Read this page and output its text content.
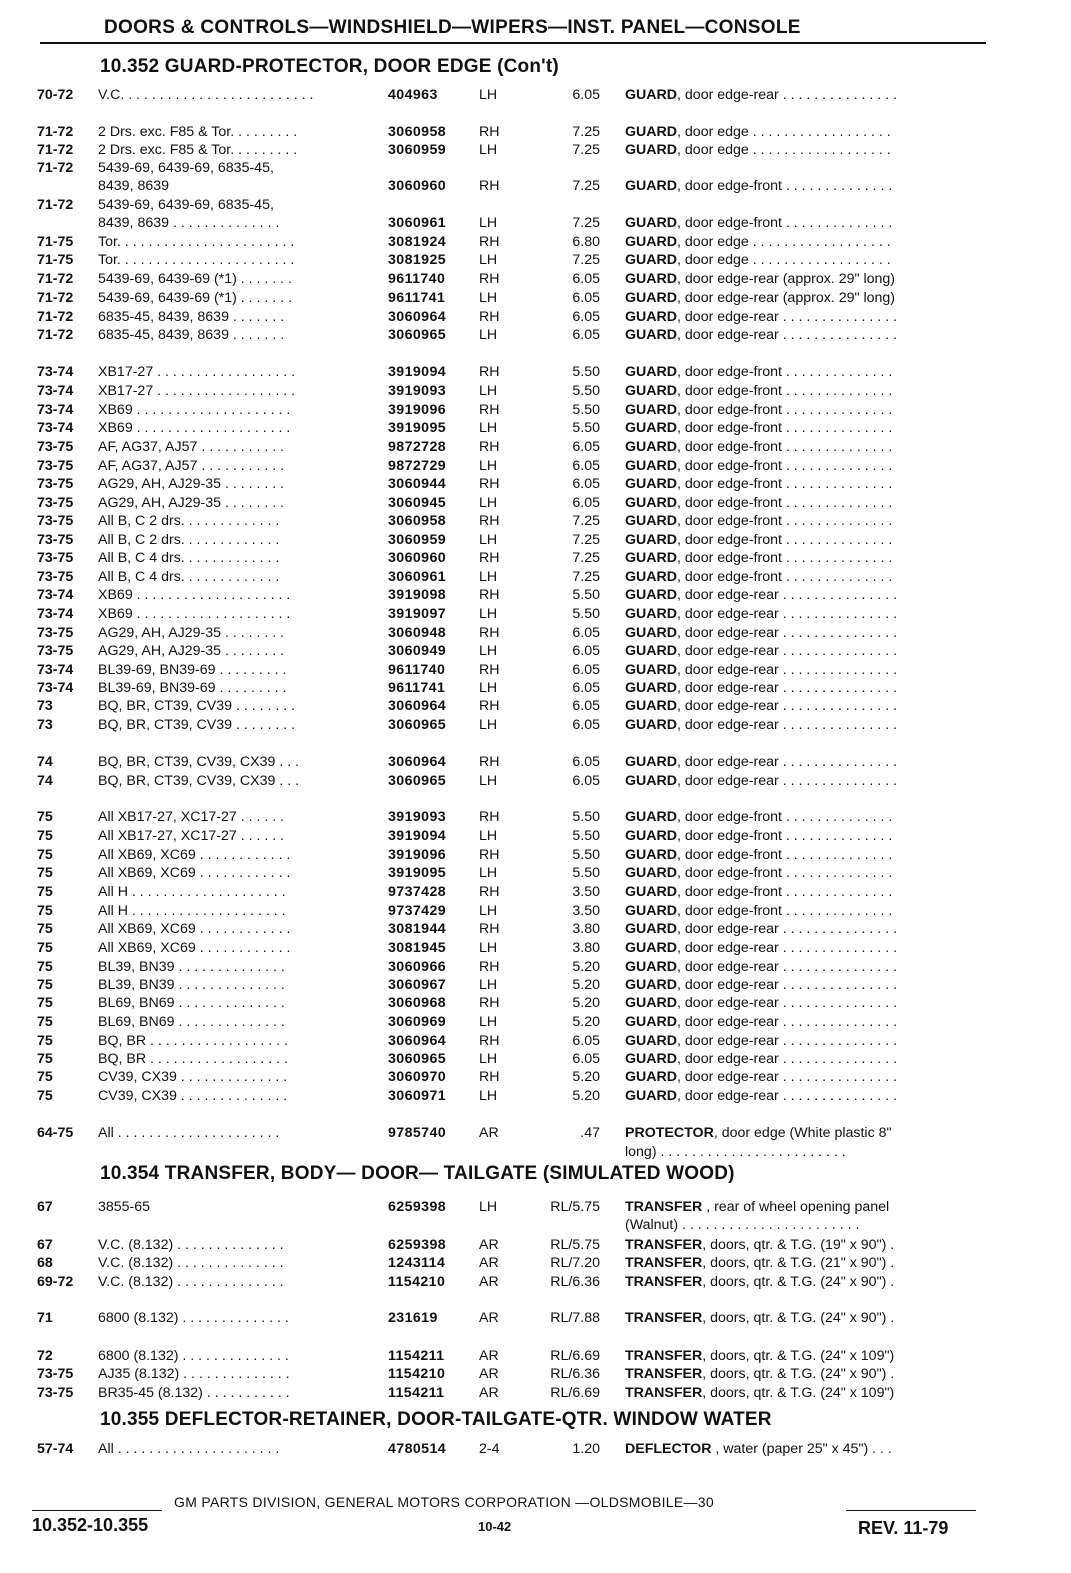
DOORS & CONTROLS—WINDSHIELD—WIPERS—INST. PANEL—CONSOLE
10.352 GUARD-PROTECTOR, DOOR EDGE (Con't)
70-72 V.C. . . . . . . . . . . . . . . . . . . . . . . . .	404963	LH	6.05 GUARD, door edge-rear . . . . . . . . . . . . . . .
71-72 2 Drs. exc. F85 & Tor. . . . . . . . .	3060958 RH	7.25 GUARD, door edge . . . . . . . . . . . . . . . . . .
71-72 2 Drs. exc. F85 & Tor. . . . . . . . .	3060959 LH	7.25 GUARD, door edge . . . . . . . . . . . . . . . . . .
71-72 5439-69, 6439-69, 6835-45,
8439, 8639	3060960 RH	7.25 GUARD, door edge-front . . . . . . . . . . . . . .
71-72 5439-69, 6439-69, 6835-45,
8439, 8639 . . . . . . . . . . . . . .	3060961 LH	7.25 GUARD, door edge-front . . . . . . . . . . . . . .
71-75 Tor. . . . . . . . . . . . . . . . . . . . . . .	3081924 RH	6.80 GUARD, door edge . . . . . . . . . . . . . . . . . .
71-75 Tor. . . . . . . . . . . . . . . . . . . . . . .	3081925 LH	7.25 GUARD, door edge . . . . . . . . . . . . . . . . . .
71-72 5439-69, 6439-69 (*1) . . . . . . .	9611740 RH	6.05 GUARD, door edge-rear (approx. 29" long)
71-72 5439-69, 6439-69 (*1) . . . . . . .	9611741 LH	6.05 GUARD, door edge-rear (approx. 29" long)
71-72 6835-45, 8439, 8639 . . . . . . .	3060964 RH	6.05 GUARD, door edge-rear . . . . . . . . . . . . . . .
71-72 6835-45, 8439, 8639 . . . . . . .	3060965 LH	6.05 GUARD, door edge-rear . . . . . . . . . . . . . . .
73-74 XB17-27 . . . . . . . . . . . . . . . . . .	3919094 RH	5.50 GUARD, door edge-front . . . . . . . . . . . . . .
73-74 XB17-27 . . . . . . . . . . . . . . . . . .	3919093 LH	5.50 GUARD, door edge-front . . . . . . . . . . . . . .
73-74 XB69 . . . . . . . . . . . . . . . . . . . .	3919096 RH	5.50 GUARD, door edge-front . . . . . . . . . . . . . .
73-74 XB69 . . . . . . . . . . . . . . . . . . . .	3919095 LH	5.50 GUARD, door edge-front . . . . . . . . . . . . . .
73-75 AF, AG37, AJ57 . . . . . . . . . . .	9872728 RH	6.05 GUARD, door edge-front . . . . . . . . . . . . . .
73-75 AF, AG37, AJ57 . . . . . . . . . . .	9872729 LH	6.05 GUARD, door edge-front . . . . . . . . . . . . . .
73-75 AG29, AH, AJ29-35 . . . . . . . .	3060944 RH	6.05 GUARD, door edge-front . . . . . . . . . . . . . .
73-75 AG29, AH, AJ29-35 . . . . . . . .	3060945 LH	6.05 GUARD, door edge-front . . . . . . . . . . . . . .
73-75 All B, C 2 drs. . . . . . . . . . . . .	3060958 RH	7.25 GUARD, door edge-front . . . . . . . . . . . . . .
73-75 All B, C 2 drs. . . . . . . . . . . . .	3060959 LH	7.25 GUARD, door edge-front . . . . . . . . . . . . . .
73-75 All B, C 4 drs. . . . . . . . . . . . .	3060960 RH	7.25 GUARD, door edge-front . . . . . . . . . . . . . .
73-75 All B, C 4 drs. . . . . . . . . . . . .	3060961 LH	7.25 GUARD, door edge-front . . . . . . . . . . . . . .
73-74 XB69 . . . . . . . . . . . . . . . . . . . .	3919098 RH	5.50 GUARD, door edge-rear . . . . . . . . . . . . . . .
73-74 XB69 . . . . . . . . . . . . . . . . . . . .	3919097 LH	5.50 GUARD, door edge-rear . . . . . . . . . . . . . . .
73-75 AG29, AH, AJ29-35 . . . . . . . .	3060948 RH	6.05 GUARD, door edge-rear . . . . . . . . . . . . . . .
73-75 AG29, AH, AJ29-35 . . . . . . . .	3060949 LH	6.05 GUARD, door edge-rear . . . . . . . . . . . . . . .
73-74 BL39-69, BN39-69 . . . . . . . . .	9611740 RH	6.05 GUARD, door edge-rear . . . . . . . . . . . . . . .
73-74 BL39-69, BN39-69 . . . . . . . . .	9611741 LH	6.05 GUARD, door edge-rear . . . . . . . . . . . . . . .
73	BQ, BR, CT39, CV39 . . . . . . . .	3060964 RH	6.05 GUARD, door edge-rear . . . . . . . . . . . . . . .
73	BQ, BR, CT39, CV39 . . . . . . . .	3060965 LH	6.05 GUARD, door edge-rear . . . . . . . . . . . . . . .
74	BQ, BR, CT39, CV39, CX39 . . .	3060964 RH	6.05 GUARD, door edge-rear . . . . . . . . . . . . . . .
74	BQ, BR, CT39, CV39, CX39 . . .	3060965 LH	6.05 GUARD, door edge-rear . . . . . . . . . . . . . . .
75	All XB17-27, XC17-27 . . . . . .	3919093 RH	5.50 GUARD, door edge-front . . . . . . . . . . . . . .
75	All XB17-27, XC17-27 . . . . . .	3919094 LH	5.50 GUARD, door edge-front . . . . . . . . . . . . . .
75	All XB69, XC69 . . . . . . . . . . . .	3919096 RH	5.50 GUARD, door edge-front . . . . . . . . . . . . . .
75	All XB69, XC69 . . . . . . . . . . . .	3919095 LH	5.50 GUARD, door edge-front . . . . . . . . . . . . . .
75	All H . . . . . . . . . . . . . . . . . . . .	9737428 RH	3.50 GUARD, door edge-front . . . . . . . . . . . . . .
75	All H . . . . . . . . . . . . . . . . . . . .	9737429 LH	3.50 GUARD, door edge-front . . . . . . . . . . . . . .
75	All XB69, XC69 . . . . . . . . . . . .	3081944 RH	3.80 GUARD, door edge-rear . . . . . . . . . . . . . . .
75	All XB69, XC69 . . . . . . . . . . . .	3081945 LH	3.80 GUARD, door edge-rear . . . . . . . . . . . . . . .
75	BL39, BN39 . . . . . . . . . . . . . .	3060966 RH	5.20 GUARD, door edge-rear . . . . . . . . . . . . . . .
75	BL39, BN39 . . . . . . . . . . . . . .	3060967 LH	5.20 GUARD, door edge-rear . . . . . . . . . . . . . . .
75	BL69, BN69 . . . . . . . . . . . . . .	3060968 RH	5.20 GUARD, door edge-rear . . . . . . . . . . . . . . .
75	BL69, BN69 . . . . . . . . . . . . . .	3060969 LH	5.20 GUARD, door edge-rear . . . . . . . . . . . . . . .
75	BQ, BR . . . . . . . . . . . . . . . . . .	3060964 RH	6.05 GUARD, door edge-rear . . . . . . . . . . . . . . .
75	BQ, BR . . . . . . . . . . . . . . . . . .	3060965 LH	6.05 GUARD, door edge-rear . . . . . . . . . . . . . . .
75	CV39, CX39 . . . . . . . . . . . . . .	3060970 RH	5.20 GUARD, door edge-rear . . . . . . . . . . . . . . .
75	CV39, CX39 . . . . . . . . . . . . . .	3060971 LH	5.20 GUARD, door edge-rear . . . . . . . . . . . . . . .
64-75 All . . . . . . . . . . . . . . . . . . . . .	9785740 AR	.47 PROTECTOR, door edge (White plastic 8"
long) . . . . . . . . . . . . . . . . . . . . . . . .
10.354 TRANSFER, BODY— DOOR— TAILGATE (SIMULATED WOOD)
67	3855-65	6259398 LH	RL/5.75 TRANSFER , rear of wheel opening panel
(Walnut) . . . . . . . . . . . . . . . . . . . . . . .
67	V.C. (8.132) . . . . . . . . . . . . . .	6259398 AR	RL/5.75 TRANSFER, doors, qtr. & T.G. (19" x 90") .
68	V.C. (8.132) . . . . . . . . . . . . . .	1243114 AR	RL/7.20 TRANSFER, doors, qtr. & T.G. (21" x 90") .
69-72 V.C. (8.132) . . . . . . . . . . . . . .	1154210 AR	RL/6.36 TRANSFER, doors, qtr. & T.G. (24" x 90") .
71	6800 (8.132) . . . . . . . . . . . . . .	231619	AR	RL/7.88 TRANSFER, doors, qtr. & T.G. (24" x 90") .
72	6800 (8.132) . . . . . . . . . . . . . .	1154211 AR	RL/6.69 TRANSFER, doors, qtr. & T.G. (24" x 109")
73-75 AJ35 (8.132) . . . . . . . . . . . . . .	1154210 AR	RL/6.36 TRANSFER, doors, qtr. & T.G. (24" x 90") .
73-75 BR35-45 (8.132) . . . . . . . . . . .	1154211 AR	RL/6.69 TRANSFER, doors, qtr. & T.G. (24" x 109")
10.355 DEFLECTOR-RETAINER, DOOR-TAILGATE-QTR. WINDOW WATER
57-74 All . . . . . . . . . . . . . . . . . . . . .	4780514 2-4	1.20 DEFLECTOR , water (paper 25" x 45") . . .
GM PARTS DIVISION, GENERAL MOTORS CORPORATION —OLDSMOBILE—30
10.352-10.355	10-42	REV. 11-79
